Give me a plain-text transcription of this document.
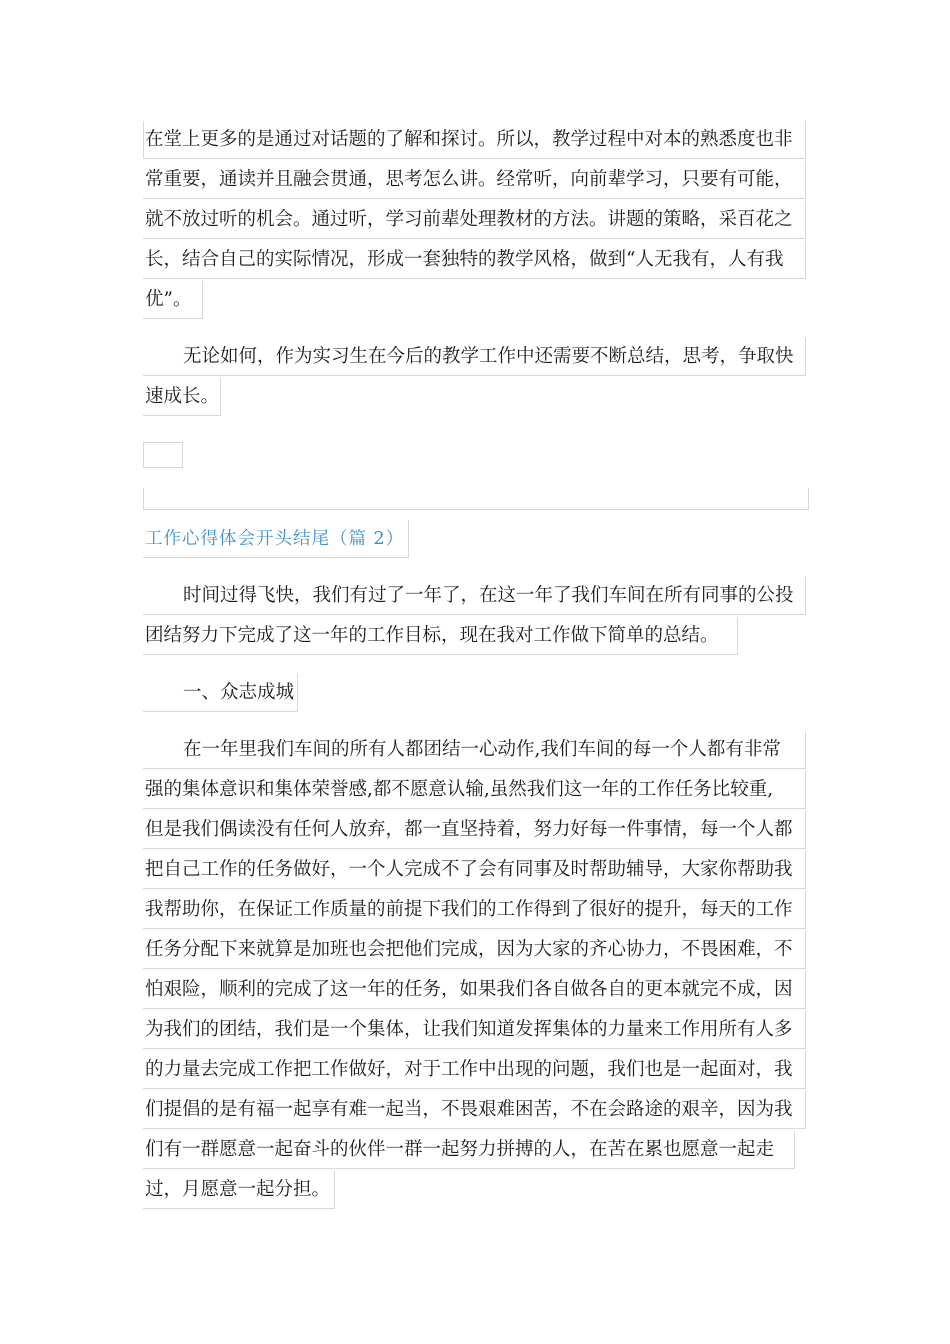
在堂上更多的是通过对话题的了解和探讨。所以，教学过程中对本的熟悉度也非
常重要，通读并且融会贯通，思考怎么讲。经常听，向前辈学习，只要有可能，
就不放过听的机会。通过听，学习前辈处理教材的方法。讲题的策略，采百花之
长，结合自己的实际情况，形成一套独特的教学风格，做到“人无我有，人有我
优”。
无论如何，作为实习生在今后的教学工作中还需要不断总结，思考，争取快
速成长。
工作心得体会开头结尾（篇 2）
时间过得飞快，我们有过了一年了，在这一年了我们车间在所有同事的公投
团结努力下完成了这一年的工作目标，现在我对工作做下简单的总结。
一、众志成城
在一年里我们车间的所有人都团结一心动作,我们车间的每一个人都有非常
强的集体意识和集体荣誉感,都不愿意认输,虽然我们这一年的工作任务比较重,
但是我们偶读没有任何人放弃，都一直坚持着，努力好每一件事情，每一个人都
把自己工作的任务做好，一个人完成不了会有同事及时帮助辅导，大家你帮助我
我帮助你，在保证工作质量的前提下我们的工作得到了很好的提升，每天的工作
任务分配下来就算是加班也会把他们完成，因为大家的齐心协力，不畏困难，不
怕艰险，顺利的完成了这一年的任务，如果我们各自做各自的更本就完不成，因
为我们的团结，我们是一个集体，让我们知道发挥集体的力量来工作用所有人多
的力量去完成工作把工作做好，对于工作中出现的问题，我们也是一起面对，我
们提倡的是有福一起享有难一起当，不畏艰难困苦，不在会路途的艰辛，因为我
们有一群愿意一起奋斗的伙伴一群一起努力拼搏的人，在苦在累也愿意一起走
过，月愿意一起分担。
